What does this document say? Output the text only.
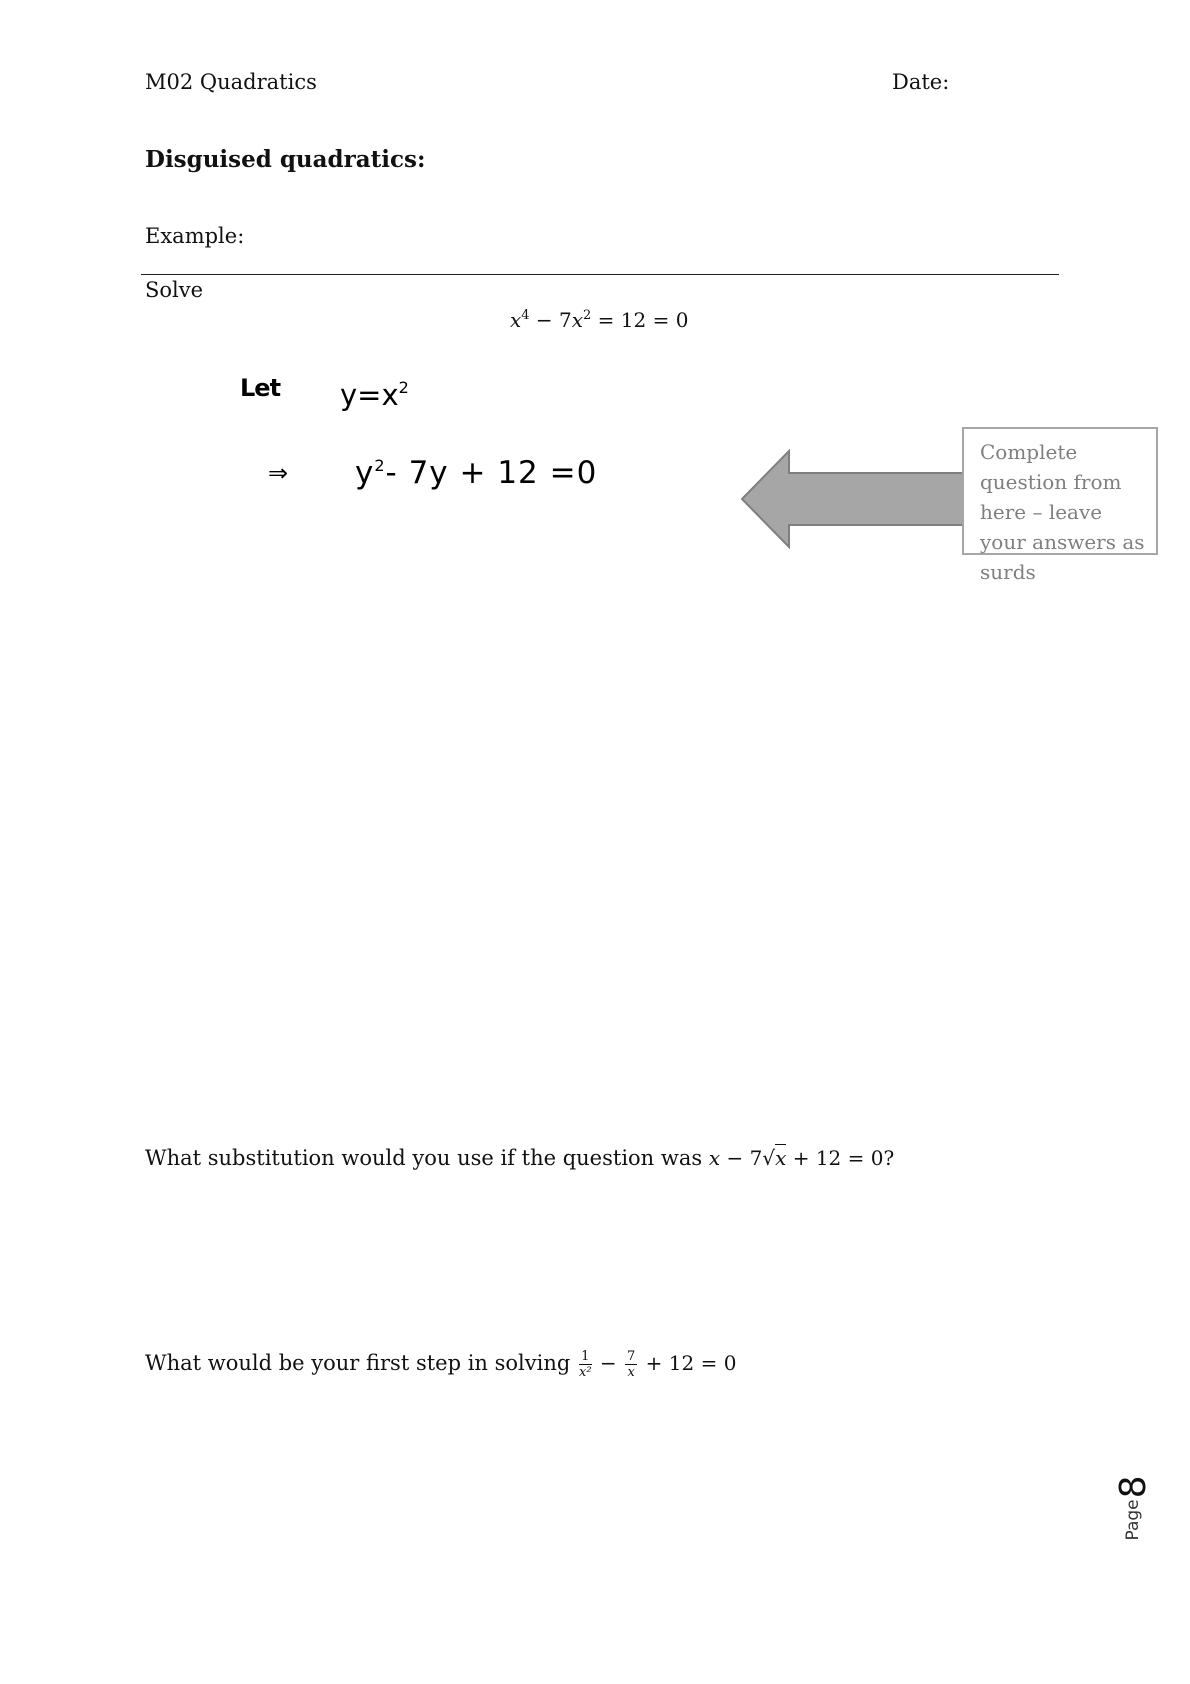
M02 Quadratics	Date:
Disguised quadratics:
Example:
Solve
$x^4 - 7x^2 = 12 = 0$
Let $y=x^2$
⇒ $y^2-$ 7y + 12 =0
Complete question from here – leave your answers as surds
What substitution would you use if the question was x − 7√x + 12 = 0?
What would be your first step in solving $\frac{1}{\text{x²}} - \frac{7}{x} + 12 = 0$
Page
8
